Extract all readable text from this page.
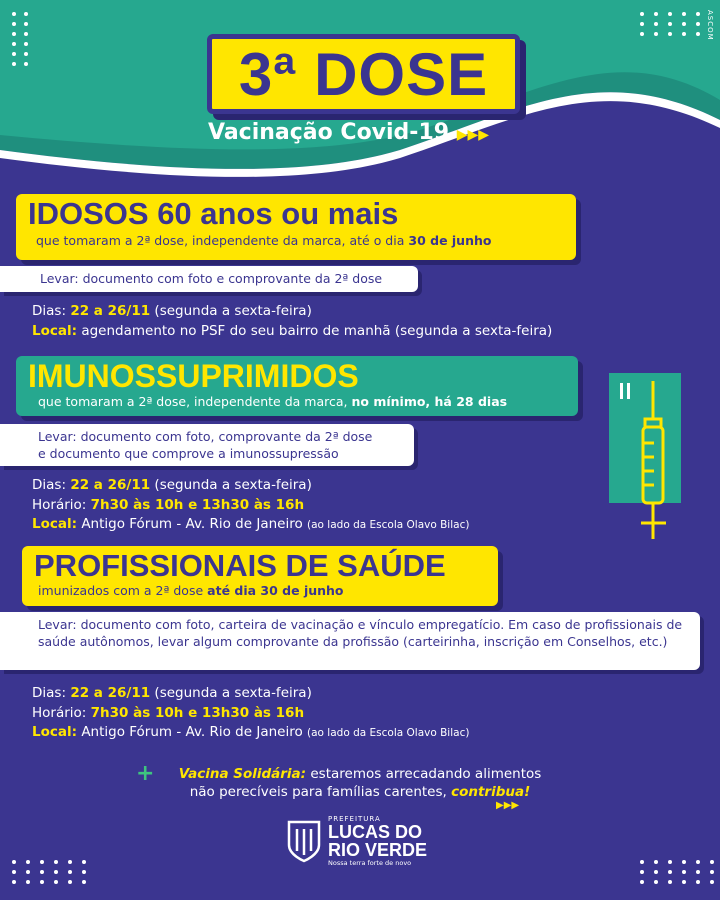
ASCOM
3ª DOSE
Vacinação Covid-19 ▶▶▶
IDOSOS 60 anos ou mais
que tomaram a 2ª dose, independente da marca, até o dia 30 de junho
Levar: documento com foto e comprovante da 2ª dose
Dias: 22 a 26/11 (segunda a sexta-feira)
Local: agendamento no PSF do seu bairro de manhã (segunda a sexta-feira)
IMUNOSSUPRIMIDOS
que tomaram a 2ª dose, independente da marca, no mínimo, há 28 dias
Levar: documento com foto, comprovante da 2ª dose
e documento que comprove a imunossupressão
Dias: 22 a 26/11 (segunda a sexta-feira)
Horário: 7h30 às 10h e 13h30 às 16h
Local: Antigo Fórum - Av. Rio de Janeiro (ao lado da Escola Olavo Bilac)
PROFISSIONAIS DE SAÚDE
imunizados com a 2ª dose até dia 30 de junho
Levar: documento com foto, carteira de vacinação e vínculo empregatício. Em caso de profissionais de saúde autônomos, levar algum comprovante da profissão (carteirinha, inscrição em Conselhos, etc.)
Dias: 22 a 26/11 (segunda a sexta-feira)
Horário: 7h30 às 10h e 13h30 às 16h
Local: Antigo Fórum - Av. Rio de Janeiro (ao lado da Escola Olavo Bilac)
+	Vacina Solidária: estaremos arrecadando alimentos
não perecíveis para famílias carentes, contribua!
▶▶▶
PREFEITURA
LUCAS DO
RIO VERDE
Nossa terra forte de novo
